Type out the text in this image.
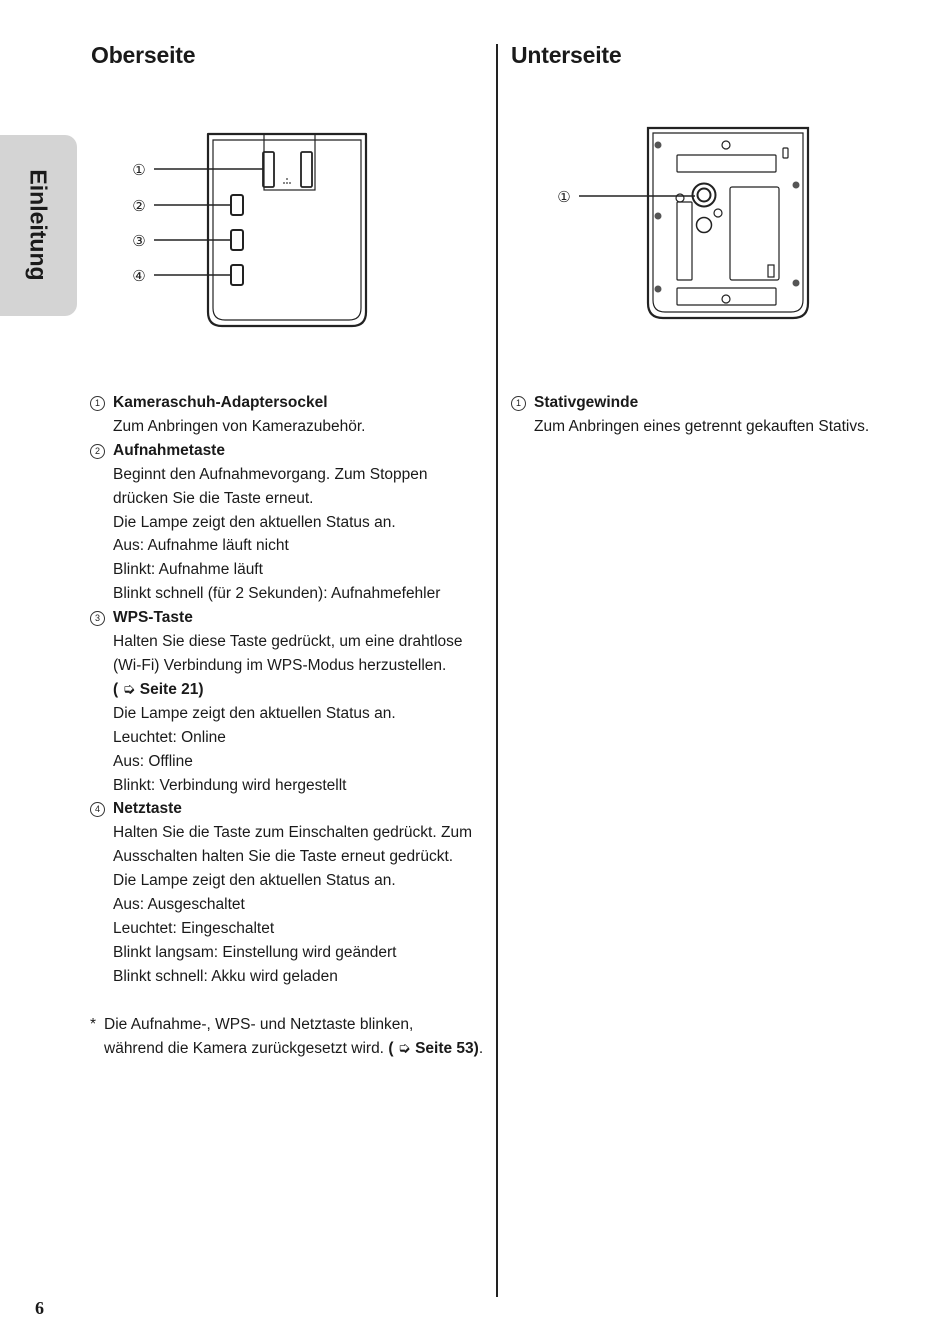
Oberseite	Unterseite
Einleitung	①
②
③
④
①
1 Kameraschuh-Adaptersockel
Zum Anbringen von Kamerazubehör.
2 Aufnahmetaste
Beginnt den Aufnahmevorgang. Zum Stoppen
drücken Sie die Taste erneut.
Die Lampe zeigt den aktuellen Status an.
Aus: Aufnahme läuft nicht
Blinkt: Aufnahme läuft
Blinkt schnell (für 2 Sekunden): Aufnahmefehler
3 WPS-Taste
Halten Sie diese Taste gedrückt, um eine drahtlose
(Wi-Fi) Verbindung im WPS-Modus herzustellen.
( ➭ Seite 21)
Die Lampe zeigt den aktuellen Status an.
Leuchtet: Online
Aus: Offline
Blinkt: Verbindung wird hergestellt
4 Netztaste
Halten Sie die Taste zum Einschalten gedrückt. Zum
Ausschalten halten Sie die Taste erneut gedrückt.
Die Lampe zeigt den aktuellen Status an.
Aus: Ausgeschaltet
Leuchtet: Eingeschaltet
Blinkt langsam: Einstellung wird geändert
Blinkt schnell: Akku wird geladen
1 Stativgewinde
Zum Anbringen eines getrennt gekauften Stativs.
* Die Aufnahme-, WPS- und Netztaste blinken,
während die Kamera zurückgesetzt wird. ( ➭ Seite 53).
6
